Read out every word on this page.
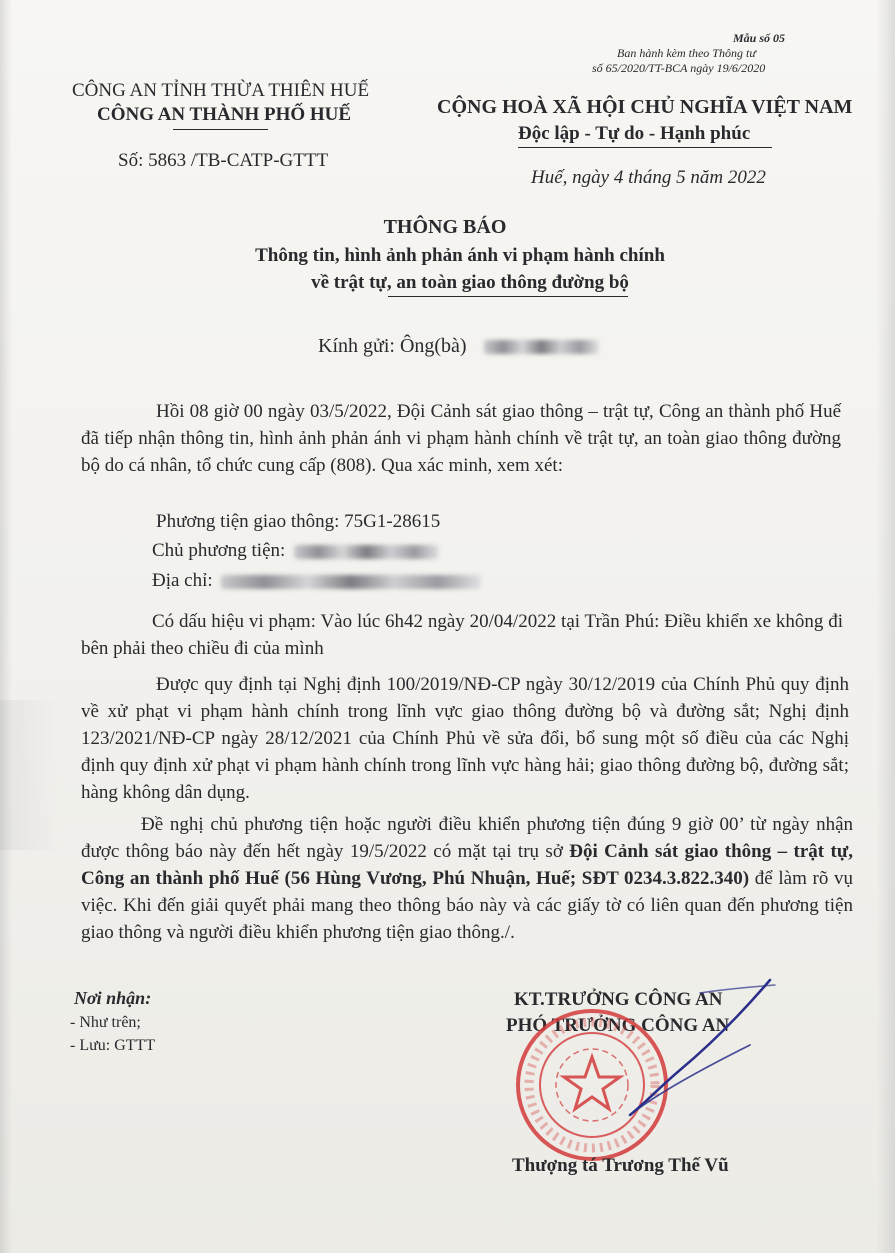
Mẫu số 05
Ban hành kèm theo Thông tư
số 65/2020/TT-BCA ngày 19/6/2020
CÔNG AN TỈNH THỪA THIÊN HUẾ
CÔNG AN THÀNH PHỐ HUẾ
Số: 5863 /TB-CATP-GTTT
CỘNG HOÀ XÃ HỘI CHỦ NGHĨA VIỆT NAM
Độc lập - Tự do - Hạnh phúc
Huế, ngày 4 tháng 5 năm 2022
THÔNG BÁO
Thông tin, hình ảnh phản ánh vi phạm hành chính
về trật tự, an toàn giao thông đường bộ
Kính gửi: Ông(bà)

Hồi 08 giờ 00 ngày 03/5/2022, Đội Cảnh sát giao thông – trật tự, Công an thành phố Huế đã tiếp nhận thông tin, hình ảnh phản ánh vi phạm hành chính về trật tự, an toàn giao thông đường bộ do cá nhân, tổ chức cung cấp (808). Qua xác minh, xem xét:

Phương tiện giao thông: 75G1-28615
Chủ phương tiện:
Địa chỉ:

Có dấu hiệu vi phạm: Vào lúc 6h42 ngày 20/04/2022 tại Trần Phú: Điều khiển xe không đi bên phải theo chiều đi của mình

Được quy định tại Nghị định 100/2019/NĐ-CP ngày 30/12/2019 của Chính Phủ quy định về xử phạt vi phạm hành chính trong lĩnh vực giao thông đường bộ và đường sắt; Nghị định 123/2021/NĐ-CP ngày 28/12/2021 của Chính Phủ về sửa đổi, bổ sung một số điều của các Nghị định quy định xử phạt vi phạm hành chính trong lĩnh vực hàng hải; giao thông đường bộ, đường sắt; hàng không dân dụng.

Đề nghị chủ phương tiện hoặc người điều khiển phương tiện đúng 9 giờ 00’ từ ngày nhận được thông báo này đến hết ngày 19/5/2022 có mặt tại trụ sở Đội Cảnh sát giao thông – trật tự, Công an thành phố Huế (56 Hùng Vương, Phú Nhuận, Huế; SĐT 0234.3.822.340) để làm rõ vụ việc. Khi đến giải quyết phải mang theo thông báo này và các giấy tờ có liên quan đến phương tiện giao thông và người điều khiển phương tiện giao thông./.

Nơi nhận:
- Như trên;
- Lưu: GTTT
KT.TRƯỞNG CÔNG AN
PHÓ TRƯỞNG CÔNG AN
Thượng tá Trương Thế Vũ
